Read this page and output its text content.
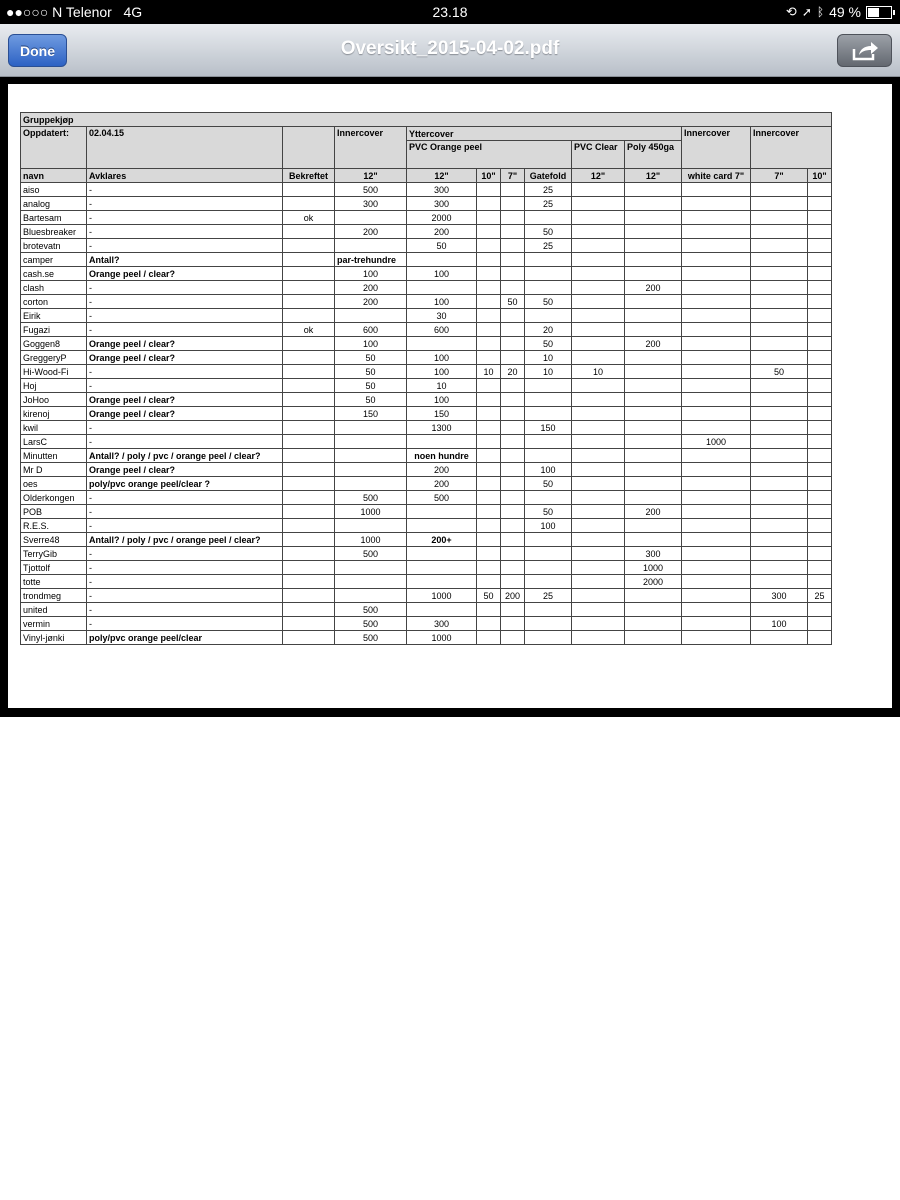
●●○○○ N Telenor 4G	23.18	⟲ ➚ ᛒ 49 %
Done	Oversikt_2015-04-02.pdf
Gruppekjøp												
Oppdatert:	02.04.15		Innercover	Yttercover						Innercover	Innercover	
				PVC Orange peel				PVC Clear	Poly 450ga			
navn	Avklares	Bekreftet	12"	12"	10"	7"	Gatefold	12"	12"	white card 7"	7"	10"
aiso	-		500	300			25					
analog	-		300	300			25					
Bartesam	-	ok		2000								
Bluesbreaker	-		200	200			50					
brotevatn	-			50			25					
camper	Antall?		par-trehundre									
cash.se	Orange peel / clear?		100	100								
clash	-		200						200			
corton	-		200	100		50	50					
Eirik	-			30								
Fugazi	-	ok	600	600			20					
Goggen8	Orange peel / clear?		100				50		200			
GreggeryP	Orange peel / clear?		50	100			10					
Hi-Wood-Fi	-		50	100	10	20	10	10			50	
Hoj	-		50	10								
JoHoo	Orange peel / clear?		50	100								
kirenoj	Orange peel / clear?		150	150								
kwil	-			1300			150					
LarsC	-									1000		
Minutten	Antall? / poly / pvc / orange peel / clear?			noen hundre								
Mr D	Orange peel / clear?			200			100					
oes	poly/pvc orange peel/clear ?			200			50					
Olderkongen	-		500	500								
POB	-		1000				50		200			
R.E.S.	-						100					
Sverre48	Antall? / poly / pvc / orange peel / clear?		1000	200+								
TerryGib	-		500						300			
Tjottolf	-								1000			
totte	-								2000			
trondmeg	-			1000	50	200	25				300	25
united	-		500									
vermin	-		500	300							100	
Vinyl-jønki	poly/pvc orange peel/clear		500	1000								
